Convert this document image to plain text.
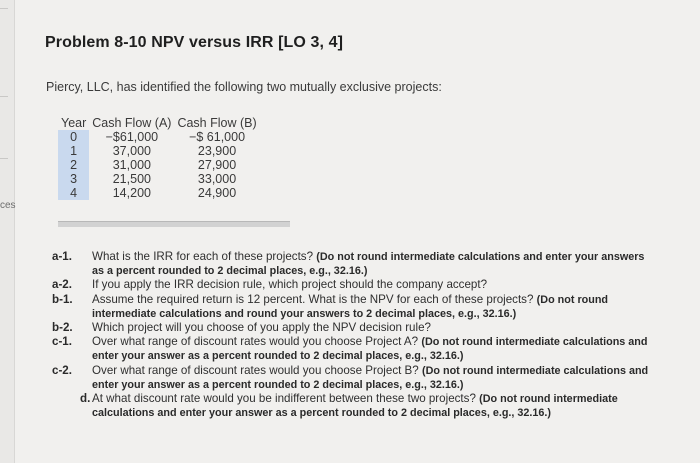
ces
Problem 8-10 NPV versus IRR [LO 3, 4]
Piercy, LLC, has identified the following two mutually exclusive projects:
Year	Cash Flow (A)	Cash Flow (B)
0	−$61,000	−$ 61,000
1	37,000	23,900
2	31,000	27,900
3	21,500	33,000
4	14,200	24,900

a-1. What is the IRR for each of these projects? (Do not round intermediate calculations and enter your answers as a percent rounded to 2 decimal places, e.g., 32.16.)

a-2. If you apply the IRR decision rule, which project should the company accept?

b-1. Assume the required return is 12 percent. What is the NPV for each of these projects? (Do not round intermediate calculations and round your answers to 2 decimal places, e.g., 32.16.)

b-2. Which project will you choose of you apply the NPV decision rule?

c-1. Over what range of discount rates would you choose Project A? (Do not round intermediate calculations and enter your answer as a percent rounded to 2 decimal places, e.g., 32.16.)

c-2. Over what range of discount rates would you choose Project B? (Do not round intermediate calculations and enter your answer as a percent rounded to 2 decimal places, e.g., 32.16.)

d. At what discount rate would you be indifferent between these two projects? (Do not round intermediate calculations and enter your answer as a percent rounded to 2 decimal places, e.g., 32.16.)
